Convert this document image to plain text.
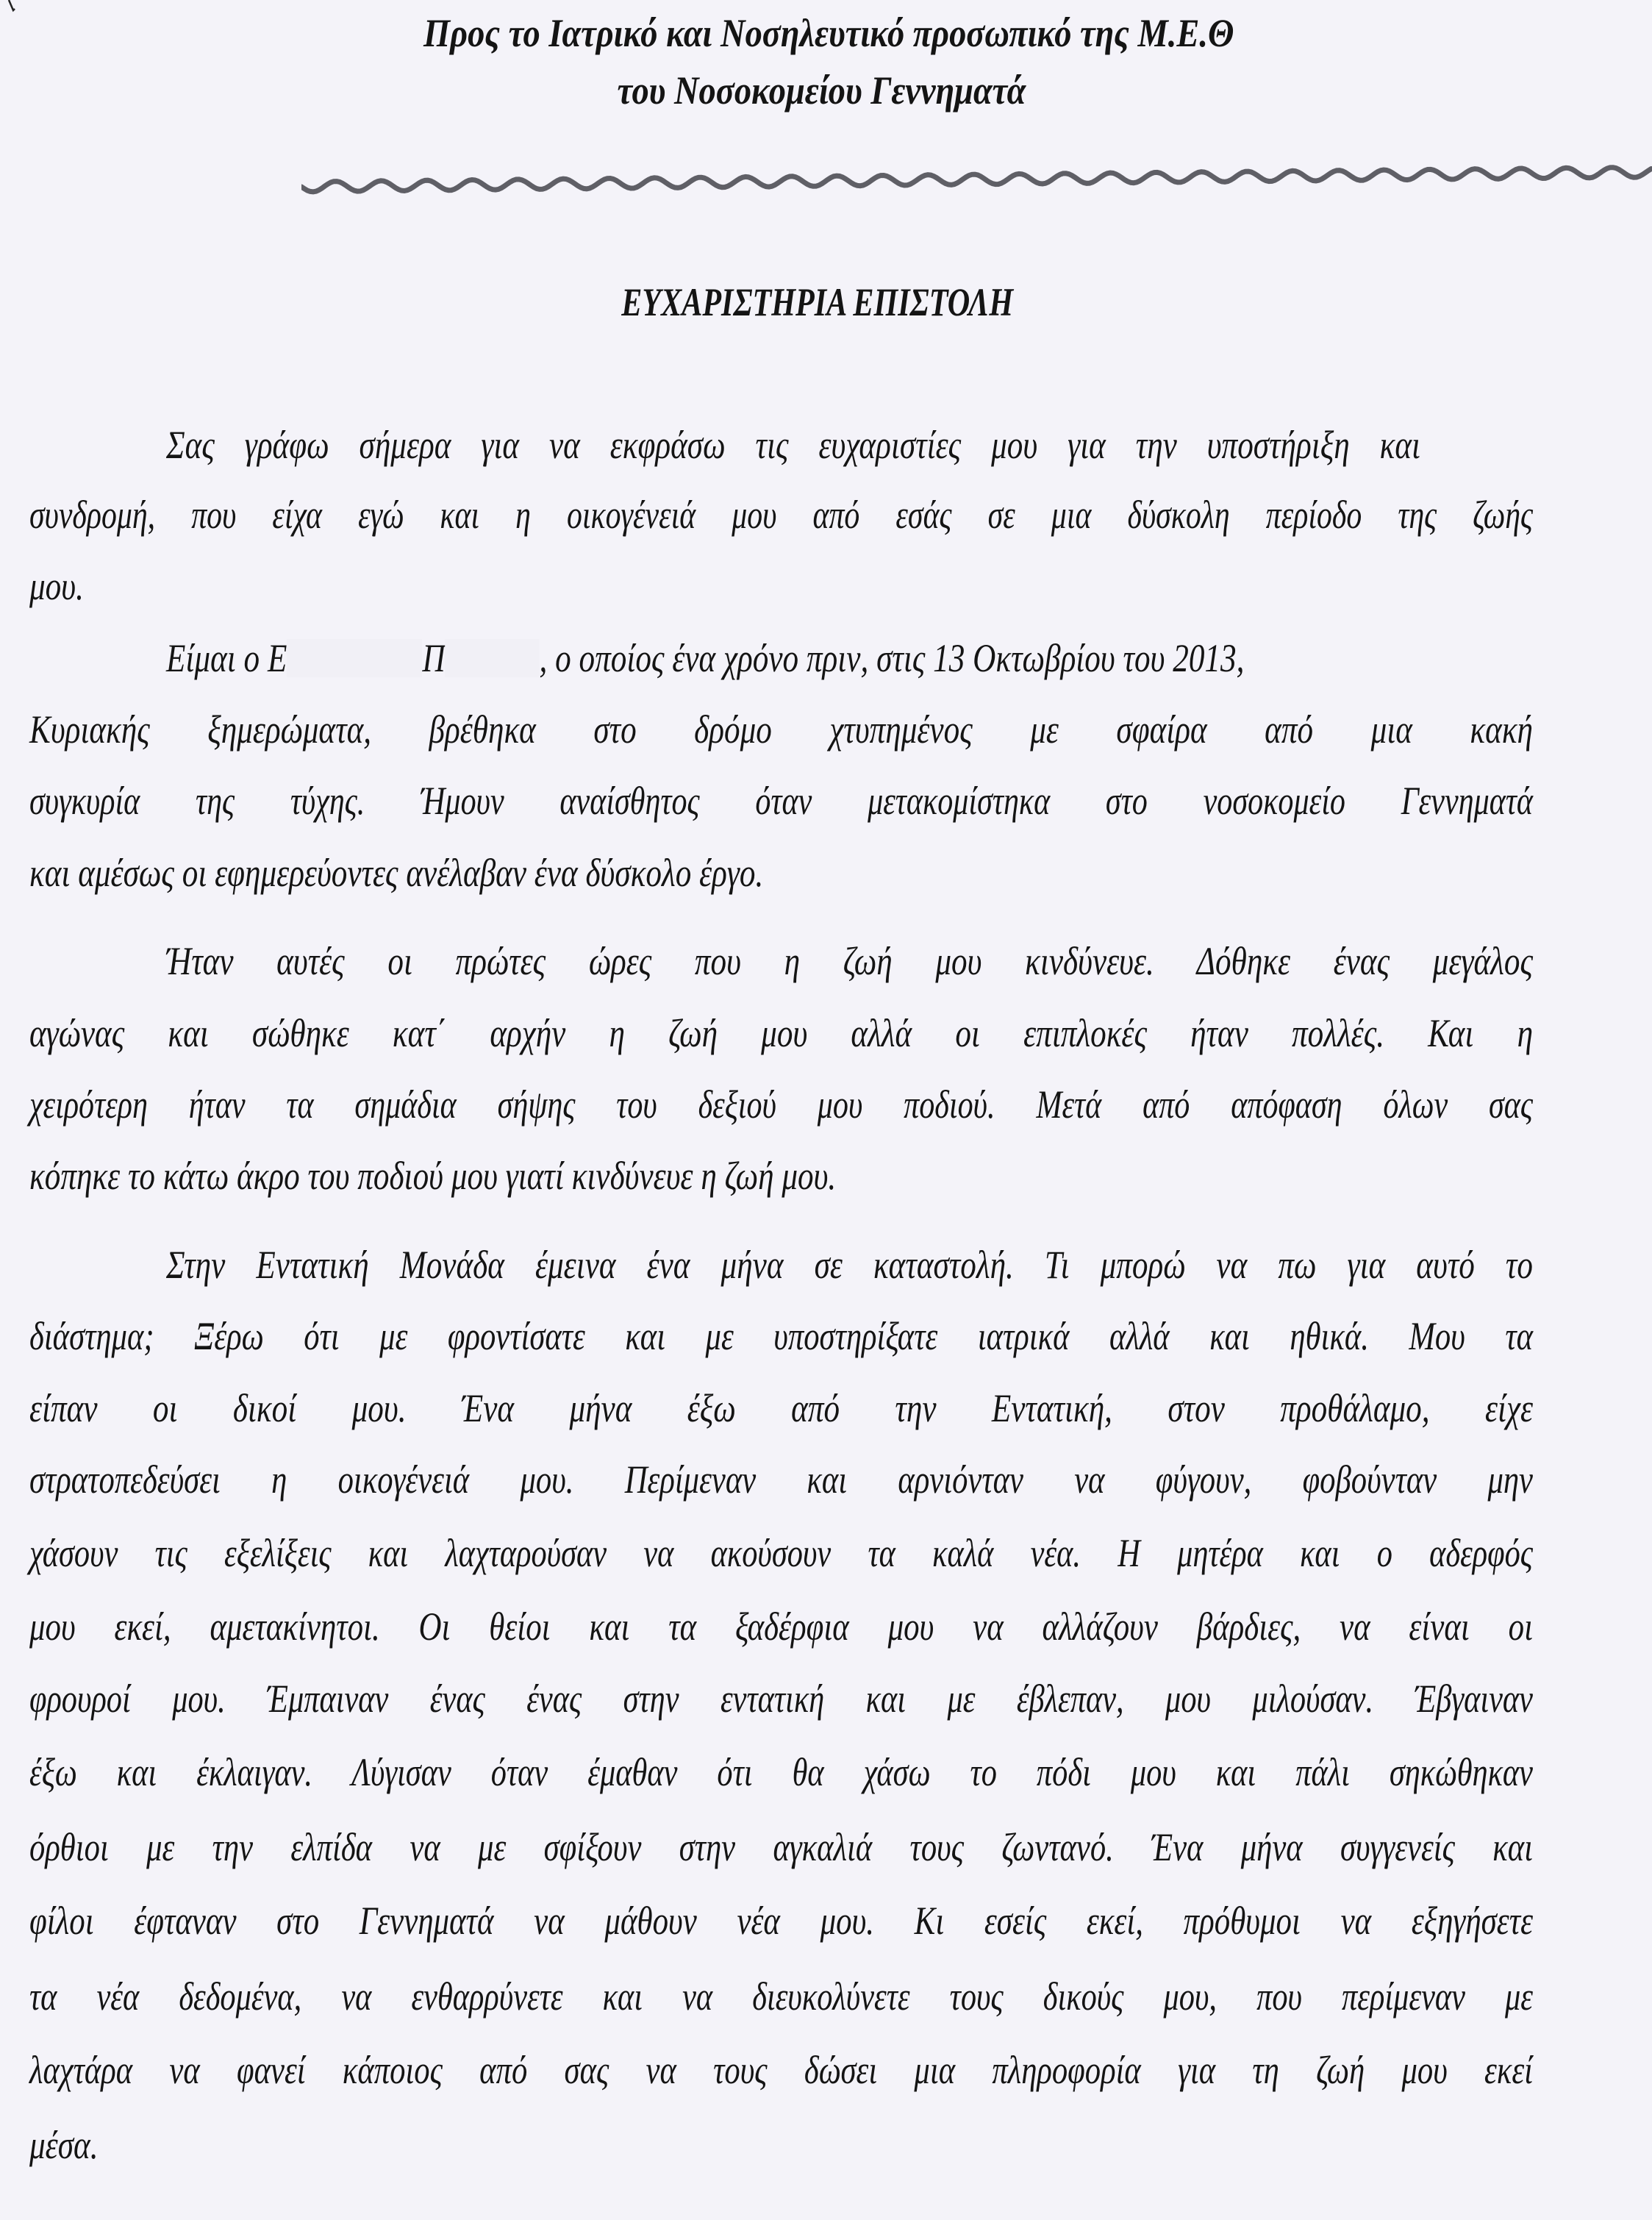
Προς το Ιατρικό και Νοσηλευτικό προσωπικό της Μ.Ε.Θ
του Νοσοκομείου Γεννηματά
ΕΥΧΑΡΙΣΤΗΡΙΑ ΕΠΙΣΤΟΛΗ
Σας γράφω σήμερα για να εκφράσω τις ευχαριστίες μου για την υποστήριξη και
συνδρομή, που είχα εγώ και η οικογένειά μου από εσάς σε μια δύσκολη περίοδο της ζωής
μου.
Είμαι ο Ε	Π , ο οποίος ένα χρόνο πριν, στις 13 Οκτωβρίου του 2013,
Κυριακής ξημερώματα, βρέθηκα στο δρόμο χτυπημένος με σφαίρα από μια κακή
συγκυρία της τύχης. Ήμουν αναίσθητος όταν μετακομίστηκα στο νοσοκομείο Γεννηματά
και αμέσως οι εφημερεύοντες ανέλαβαν ένα δύσκολο έργο.
Ήταν αυτές οι πρώτες ώρες που η ζωή μου κινδύνευε. Δόθηκε ένας μεγάλος
αγώνας και σώθηκε κατ΄ αρχήν η ζωή μου αλλά οι επιπλοκές ήταν πολλές. Και η
χειρότερη ήταν τα σημάδια σήψης του δεξιού μου ποδιού. Μετά από απόφαση όλων σας
κόπηκε το κάτω άκρο του ποδιού μου γιατί κινδύνευε η ζωή μου.
Στην Εντατική Μονάδα έμεινα ένα μήνα σε καταστολή. Τι μπορώ να πω για αυτό το
διάστημα; Ξέρω ότι με φροντίσατε και με υποστηρίξατε ιατρικά αλλά και ηθικά. Μου τα
είπαν οι δικοί μου. Ένα μήνα έξω από την Εντατική, στον προθάλαμο, είχε
στρατοπεδεύσει η οικογένειά μου. Περίμεναν και αρνιόνταν να φύγουν, φοβούνταν μην
χάσουν τις εξελίξεις και λαχταρούσαν να ακούσουν τα καλά νέα. Η μητέρα και ο αδερφός
μου εκεί, αμετακίνητοι. Οι θείοι και τα ξαδέρφια μου να αλλάζουν βάρδιες, να είναι οι
φρουροί μου. Έμπαιναν ένας ένας στην εντατική και με έβλεπαν, μου μιλούσαν. Έβγαιναν
έξω και έκλαιγαν. Λύγισαν όταν έμαθαν ότι θα χάσω το πόδι μου και πάλι σηκώθηκαν
όρθιοι με την ελπίδα να με σφίξουν στην αγκαλιά τους ζωντανό. Ένα μήνα συγγενείς και
φίλοι έφταναν στο Γεννηματά να μάθουν νέα μου. Κι εσείς εκεί, πρόθυμοι να εξηγήσετε
τα νέα δεδομένα, να ενθαρρύνετε και να διευκολύνετε τους δικούς μου, που περίμεναν με
λαχτάρα να φανεί κάποιος από σας να τους δώσει μια πληροφορία για τη ζωή μου εκεί
μέσα.
